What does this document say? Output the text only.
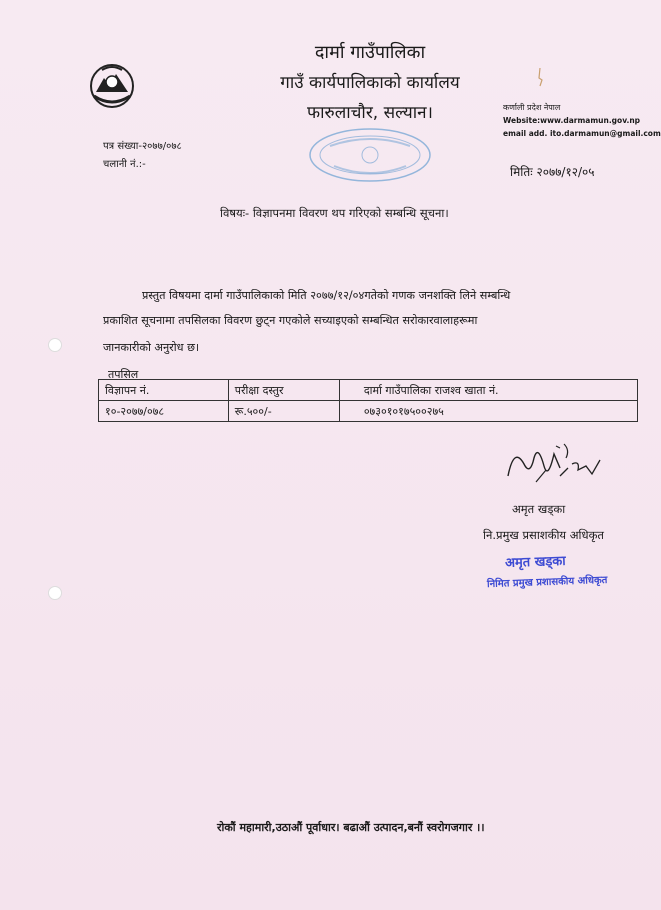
दार्मा गाउँपालिका
गाउँ कार्यपालिकाको कार्यालय
फारुलाचौर, सल्यान।	कर्णाली प्रदेश नेपाल
Website:www.darmamun.gov.np
email add. ito.darmamun@gmail.com
पत्र संख्या-२०७७/०७८
चलानी नं.:-
मितिः २०७७/१२/०५
विषयः- विज्ञापनमा विवरण थप गरिएको सम्बन्धि सूचना।
प्रस्तुत विषयमा दार्मा गाउँपालिकाको मिति २०७७/१२/०४गतेको गणक जनशक्ति लिने सम्बन्धि
प्रकाशित सूचनामा तपसिलका विवरण छुट्न गएकोले सच्याइएको सम्बन्धित सरोकारवालाहरूमा
जानकारीको अनुरोध छ।
तपसिल
विज्ञापन नं.	परीक्षा दस्तुर	दार्मा गाउँपालिका राजश्व खाता नं.
१०-२०७७/०७८	रू.५००/-	०७३०१०१७५००२७५
अमृत खड्का
नि.प्रमुख प्रसाशकीय अधिकृत
अमृत खड्का
निमित प्रमुख प्रशासकीय अधिकृत
रोकौं महामारी,उठाऔं पूर्वाधार। बढाऔं उत्पादन,बनौं स्वरोगजगार ।।
